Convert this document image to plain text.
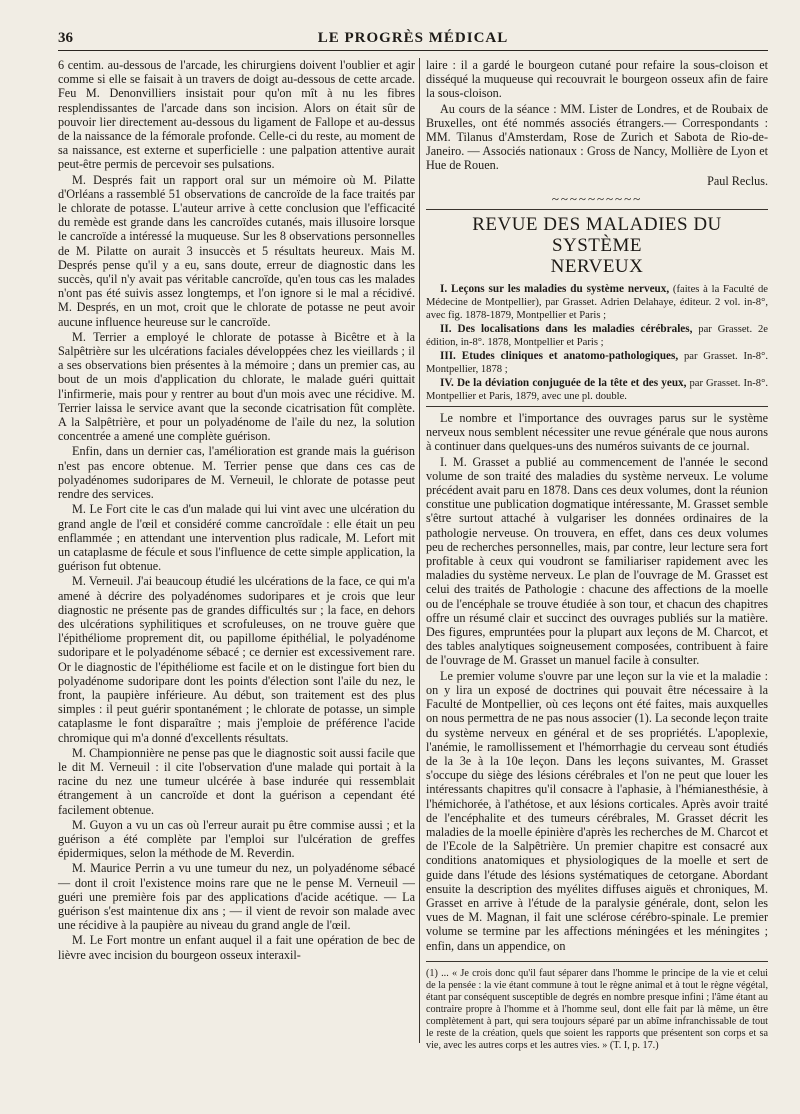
36	LE PROGRÈS MÉDICAL

6 centim. au-dessous de l'arcade, les chirurgiens doivent l'oublier et agir comme si elle se faisait à un travers de doigt au-dessous de cette arcade. Feu M. Denonvilliers insistait pour qu'on mît à nu les fibres resplendissantes de l'arcade dans son incision. Alors on était sûr de pouvoir lier directement au-dessous du ligament de Fallope et au-dessus de la naissance de la fémorale profonde. Celle-ci du reste, au moment de sa naissance, est externe et superficielle : une palpation attentive aurait peut-être permis de percevoir ses pulsations.

M. Després fait un rapport oral sur un mémoire où M. Pilatte d'Orléans a rassemblé 51 observations de cancroïde de la face traités par le chlorate de potasse. L'auteur arrive à cette conclusion que l'efficacité du remède est grande dans les cancroïdes cutanés, mais illusoire lorsque le cancroïde a intéressé la muqueuse. Sur les 8 observations personnelles de M. Pilatte on aurait 3 insuccès et 5 résultats heureux. Mais M. Després pense qu'il y a eu, sans doute, erreur de diagnostic dans les succès, qu'il n'y avait pas véritable cancroïde, qu'en tous cas les malades n'ont pas été suivis assez longtemps, et l'on ignore si le mal a récidivé. M. Després, en un mot, croit que le chlorate de potasse ne peut avoir aucune influence heureuse sur le cancroïde.

M. Terrier a employé le chlorate de potasse à Bicêtre et à la Salpêtrière sur les ulcérations faciales développées chez les vieillards ; il a ses observations bien présentes à la mémoire ; dans un premier cas, au bout de un mois d'application du chlorate, le malade guéri quittait l'infirmerie, mais pour y rentrer au bout d'un mois avec une récidive. M. Terrier laissa le service avant que la seconde cicatrisation fût complète. A la Salpêtrière, et pour un polyadénome de l'aile du nez, la solution concentrée a amené une complète guérison.

Enfin, dans un dernier cas, l'amélioration est grande mais la guérison n'est pas encore obtenue. M. Terrier pense que dans ces cas de polyadénomes sudoripares de M. Verneuil, le chlorate de potasse peut rendre des services.

M. Le Fort cite le cas d'un malade qui lui vint avec une ulcération du grand angle de l'œil et considéré comme cancroïdale : elle était un peu enflammée ; en attendant une intervention plus radicale, M. Lefort mit un cataplasme de fécule et sous l'influence de cette simple application, la guérison fut obtenue.

M. Verneuil. J'ai beaucoup étudié les ulcérations de la face, ce qui m'a amené à décrire des polyadénomes sudoripares et je crois que leur diagnostic ne présente pas de grandes difficultés sur ; la face, en dehors des ulcérations syphilitiques et scrofuleuses, on ne trouve guère que l'épithéliome proprement dit, ou papillome épithélial, le polyadénome sudoripare et le polyadénome sébacé ; ce dernier est excessivement rare. Or le diagnostic de l'épithéliome est facile et on le distingue fort bien du polyadénome sudoripare dont les points d'élection sont l'aile du nez, le front, la paupière inférieure. Au début, son traitement est des plus simples : il peut guérir spontanément ; le chlorate de potasse, un simple cataplasme le font disparaître ; mais j'emploie de préférence l'acide chromique qui m'a donné d'excellents résultats.

M. Championnière ne pense pas que le diagnostic soit aussi facile que le dit M. Verneuil : il cite l'observation d'une malade qui portait à la racine du nez une tumeur ulcérée à base indurée qui ressemblait étrangement à un cancroïde et dont la guérison a cependant été facilement obtenue.

M. Guyon a vu un cas où l'erreur aurait pu être commise aussi ; et la guérison a été complète par l'emploi sur l'ulcération de greffes épidermiques, selon la méthode de M. Reverdin.

M. Maurice Perrin a vu une tumeur du nez, un polyadénome sébacé — dont il croit l'existence moins rare que ne le pense M. Verneuil — guéri une première fois par des applications d'acide acétique. — La guérison s'est maintenue dix ans ; — il vient de revoir son malade avec une récidive à la paupière au niveau du grand angle de l'œil.

M. Le Fort montre un enfant auquel il a fait une opération de bec de lièvre avec incision du bourgeon osseux interaxil-

laire : il a gardé le bourgeon cutané pour refaire la sous-cloison et disséqué la muqueuse qui recouvrait le bourgeon osseux afin de faire la sous-cloison.

Au cours de la séance : MM. Lister de Londres, et de Roubaix de Bruxelles, ont été nommés associés étrangers.— Correspondants : MM. Tilanus d'Amsterdam, Rose de Zurich et Sabota de Rio-de-Janeiro. — Associés nationaux : Gross de Nancy, Mollière de Lyon et Hue de Rouen.

Paul Reclus.
~~~~~~~~~~
REVUE DES MALADIES DU SYSTÈME
NERVEUX

I. Leçons sur les maladies du système nerveux, (faites à la Faculté de Médecine de Montpellier), par Grasset. Adrien Delahaye, éditeur. 2 vol. in-8°, avec fig. 1878-1879, Montpellier et Paris ;

II. Des localisations dans les maladies cérébrales, par Grasset. 2e édition, in-8°. 1878, Montpellier et Paris ;

III. Etudes cliniques et anatomo-pathologiques, par Grasset. In-8°. Montpellier, 1878 ;

IV. De la déviation conjuguée de la tête et des yeux, par Grasset. In-8°. Montpellier et Paris, 1879, avec une pl. double.

Le nombre et l'importance des ouvrages parus sur le système nerveux nous semblent nécessiter une revue générale que nous aurons à continuer dans quelques-uns des numéros suivants de ce journal.

I. M. Grasset a publié au commencement de l'année le second volume de son traité des maladies du système nerveux. Le volume précédent avait paru en 1878. Dans ces deux volumes, dont la réunion constitue une publication dogmatique intéressante, M. Grasset semble s'être surtout attaché à vulgariser les données ordinaires de la pathologie nerveuse. On trouvera, en effet, dans ces deux volumes peu de recherches personnelles, mais, par contre, leur lecture sera fort profitable à ceux qui voudront se familiariser rapidement avec les maladies du système nerveux. Le plan de l'ouvrage de M. Grasset est celui des traités de Pathologie : chacune des affections de la moelle ou de l'encéphale se trouve étudiée à son tour, et chacun des chapitres offre un résumé clair et succinct des ouvrages publiés sur la matière. Des figures, empruntées pour la plupart aux leçons de M. Charcot, et des tables analytiques soigneusement composées, contribuent à faire de l'ouvrage de M. Grasset un manuel facile à consulter.

Le premier volume s'ouvre par une leçon sur la vie et la maladie : on y lira un exposé de doctrines qui pouvait être nécessaire à la Faculté de Montpellier, où ces leçons ont été faites, mais auxquelles on nous permettra de ne pas nous associer (1). La seconde leçon traite du système nerveux en général et de ses propriétés. L'apoplexie, l'anémie, le ramollissement et l'hémorrhagie du cerveau sont étudiés de la 3e à la 10e leçon. Dans les leçons suivantes, M. Grasset s'occupe du siège des lésions cérébrales et l'on ne peut que louer les intéressants chapitres qu'il consacre à l'aphasie, à l'hémianesthésie, à l'hémichorée, à l'athétose, et aux lésions corticales. Après avoir traité de l'encéphalite et des tumeurs cérébrales, M. Grasset décrit les maladies de la moelle épinière d'après les recherches de M. Charcot et de l'Ecole de la Salpêtrière. Un premier chapitre est consacré aux conditions anatomiques et physiologiques de la moelle et sert de guide dans l'étude des lésions systématiques de cetorgane. Abordant ensuite la description des myélites diffuses aiguës et chroniques, M. Grasset en arrive à l'étude de la paralysie générale, dont, selon les vues de M. Magnan, il fait une sclérose cérébro-spinale. Le premier volume se termine par les affections méningées et les méningites ; enfin, dans un appendice, on

(1) ... « Je crois donc qu'il faut séparer dans l'homme le principe de la vie et celui de la pensée : la vie étant commune à tout le règne animal et à tout le règne végétal, étant par conséquent susceptible de degrés en nombre presque infini ; l'âme étant au contraire propre à l'homme et à l'homme seul, dont elle fait par là même, un être complètement à part, qui sera toujours séparé par un abîme infranchissable de tout le reste de la création, quels que soient les rapports que présentent son corps et sa vie, avec les autres corps et les autres vies. » (T. I, p. 17.)
